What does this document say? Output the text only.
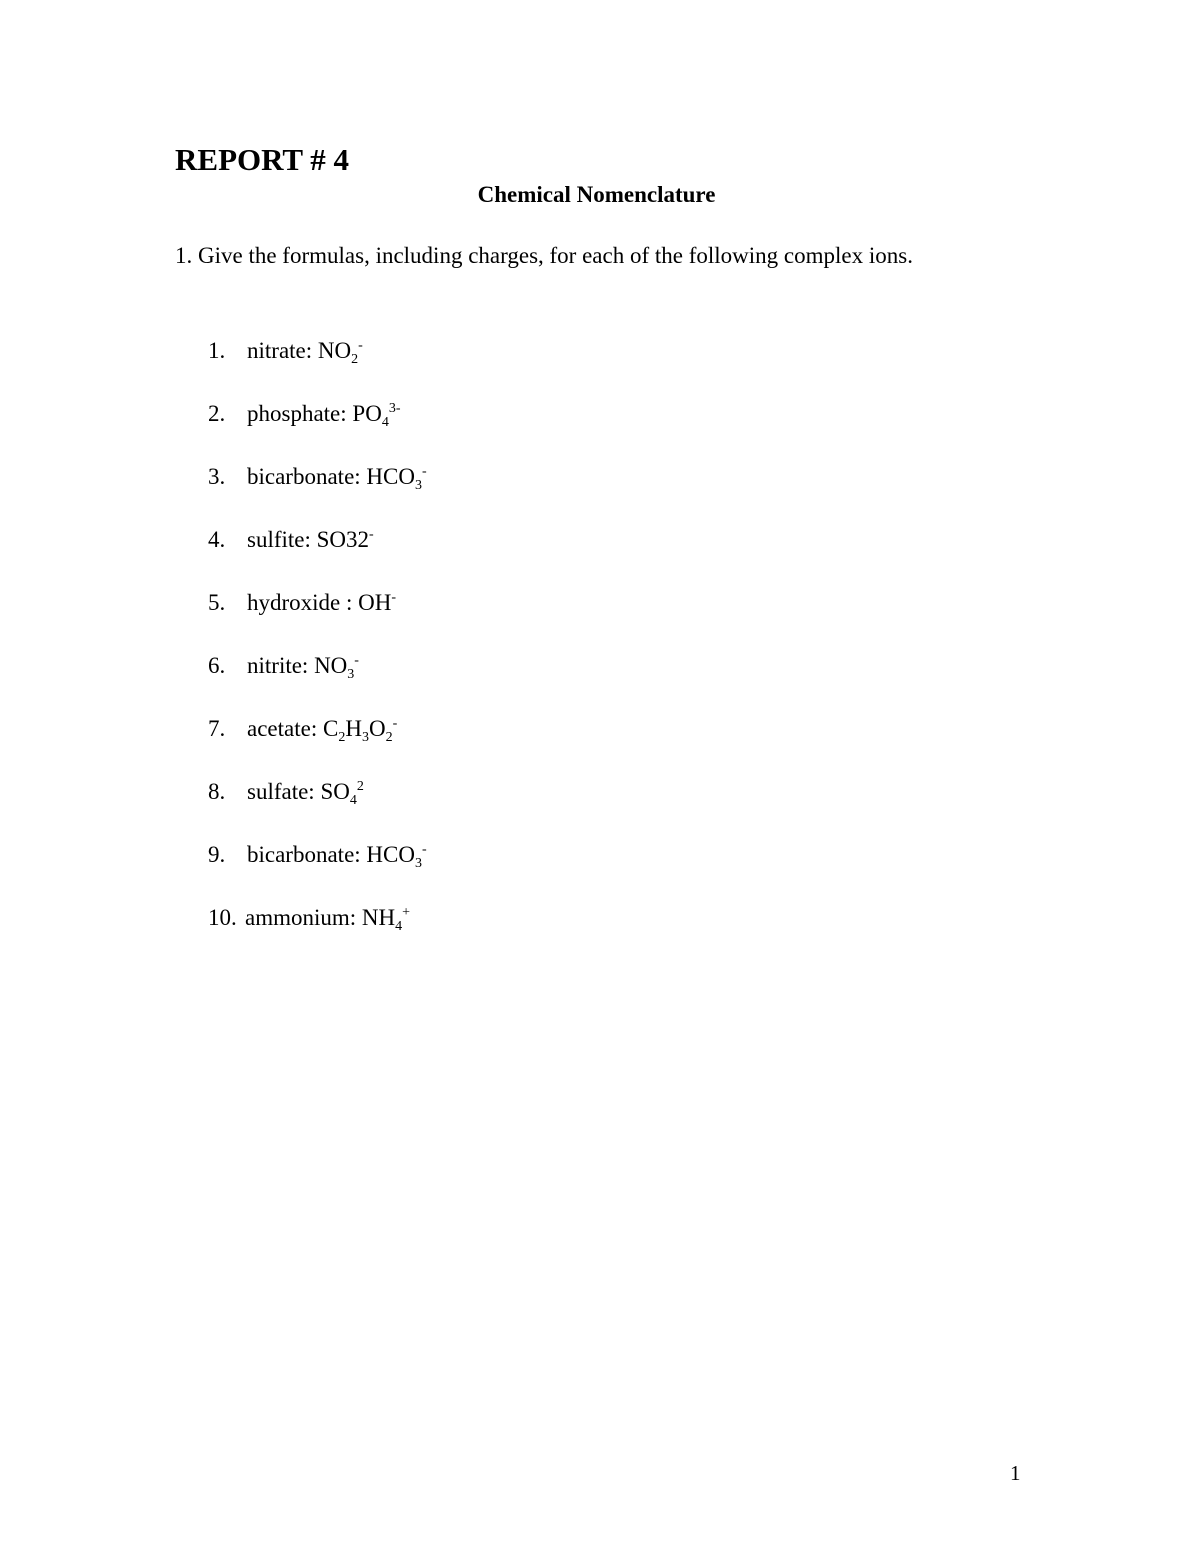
REPORT # 4
Chemical Nomenclature
1. Give the formulas, including charges, for each of the following complex ions.
1. nitrate: $NO_2^-$
2. phosphate: $PO_4^{3-}$
3. bicarbonate: $HCO_3^-$
4. sulfite: SO32-
5. hydroxide : OH-
6. nitrite: $NO_3^-$
7. acetate: $C_2H_3O_2^-$
8. sulfate: $SO_4^2$
9. bicarbonate: $HCO_3^-$
10. ammonium: $NH_4^+$
1
